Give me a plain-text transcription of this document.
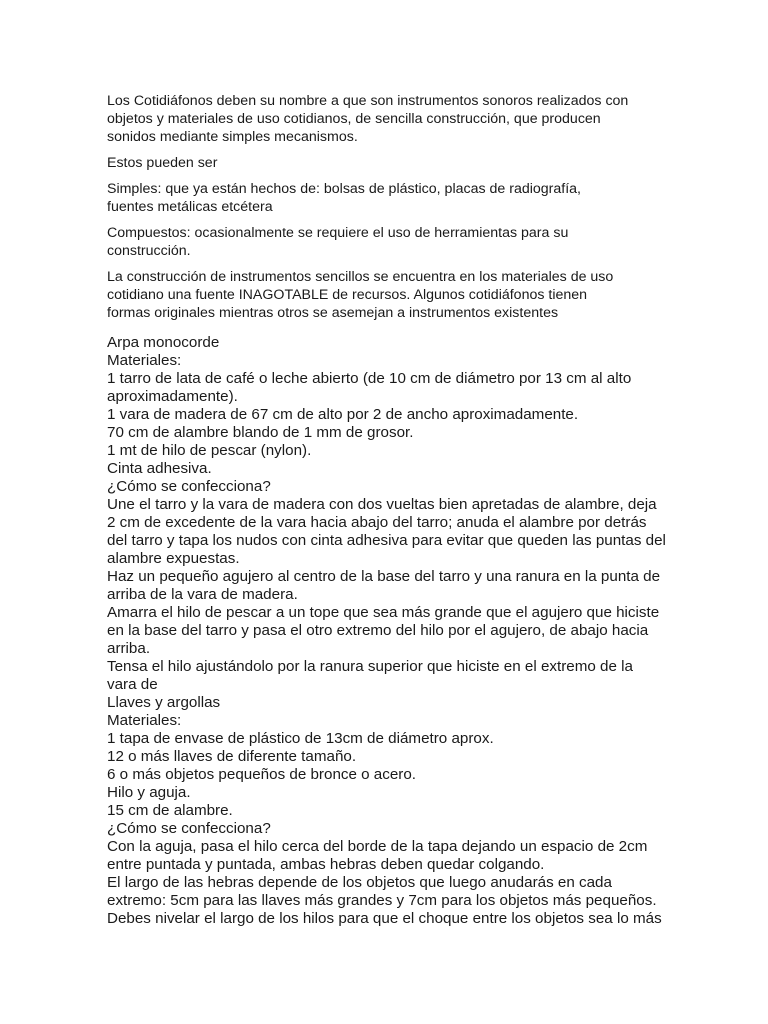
Los Cotidiáfonos deben su nombre a que son instrumentos sonoros realizados con
objetos y materiales de uso cotidianos, de sencilla construcción, que producen
sonidos mediante simples mecanismos.

Estos pueden ser

Simples: que ya están hechos de: bolsas de plástico, placas de radiografía,
fuentes metálicas etcétera

Compuestos: ocasionalmente se requiere el uso de herramientas para su
construcción.

La construcción de instrumentos sencillos se encuentra en los materiales de uso
cotidiano una fuente INAGOTABLE de recursos. Algunos cotidiáfonos tienen
formas originales mientras otros se asemejan a instrumentos existentes

Arpa monocorde
Materiales:
1 tarro de lata de café o leche abierto (de 10 cm de diámetro por 13 cm al alto
aproximadamente).
1 vara de madera de 67 cm de alto por 2 de ancho aproximadamente.
70 cm de alambre blando de 1 mm de grosor.
1 mt de hilo de pescar (nylon).
Cinta adhesiva.
¿Cómo se confecciona?
Une el tarro y la vara de madera con dos vueltas bien apretadas de alambre, deja
2 cm de excedente de la vara hacia abajo del tarro; anuda el alambre por detrás
del tarro y tapa los nudos con cinta adhesiva para evitar que queden las puntas del
alambre expuestas.
Haz un pequeño agujero al centro de la base del tarro y una ranura en la punta de
arriba de la vara de madera.
Amarra el hilo de pescar a un tope que sea más grande que el agujero que hiciste
en la base del tarro y pasa el otro extremo del hilo por el agujero, de abajo hacia
arriba.
Tensa el hilo ajustándolo por la ranura superior que hiciste en el extremo de la
vara de
Llaves y argollas
Materiales:
1 tapa de envase de plástico de 13cm de diámetro aprox.
12 o más llaves de diferente tamaño.
6 o más objetos pequeños de bronce o acero.
Hilo y aguja.
15 cm de alambre.
¿Cómo se confecciona?
Con la aguja, pasa el hilo cerca del borde de la tapa dejando un espacio de 2cm
entre puntada y puntada, ambas hebras deben quedar colgando.
El largo de las hebras depende de los objetos que luego anudarás en cada
extremo: 5cm para las llaves más grandes y 7cm para los objetos más pequeños.
Debes nivelar el largo de los hilos para que el choque entre los objetos sea lo más
